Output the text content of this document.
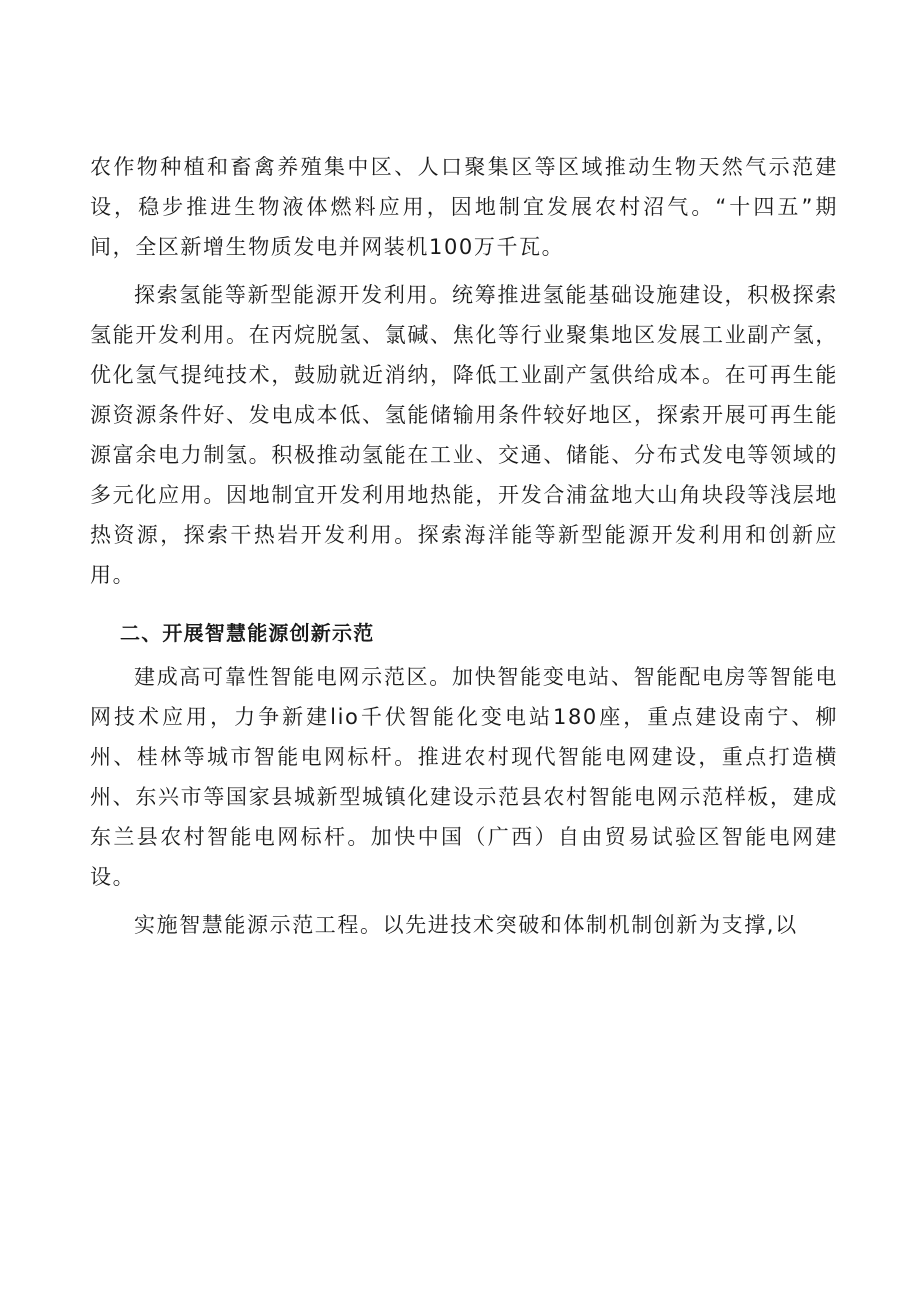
农作物种植和畜禽养殖集中区、人口聚集区等区域推动生物天然气示范建设，稳步推进生物液体燃料应用，因地制宜发展农村沼气。“十四五”期间，全区新增生物质发电并网装机100万千瓦。

探索氢能等新型能源开发利用。统筹推进氢能基础设施建设，积极探索氢能开发利用。在丙烷脱氢、氯碱、焦化等行业聚集地区发展工业副产氢，优化氢气提纯技术，鼓励就近消纳，降低工业副产氢供给成本。在可再生能源资源条件好、发电成本低、氢能储输用条件较好地区，探索开展可再生能源富余电力制氢。积极推动氢能在工业、交通、储能、分布式发电等领域的多元化应用。因地制宜开发利用地热能，开发合浦盆地大山角块段等浅层地热资源，探索干热岩开发利用。探索海洋能等新型能源开发利用和创新应用。

二、开展智慧能源创新示范

建成高可靠性智能电网示范区。加快智能变电站、智能配电房等智能电网技术应用，力争新建lio千伏智能化变电站180座，重点建设南宁、柳州、桂林等城市智能电网标杆。推进农村现代智能电网建设，重点打造横州、东兴市等国家县城新型城镇化建设示范县农村智能电网示范样板，建成东兰县农村智能电网标杆。加快中国（广西）自由贸易试验区智能电网建设。

实施智慧能源示范工程。以先进技术突破和体制机制创新为支撑,以
